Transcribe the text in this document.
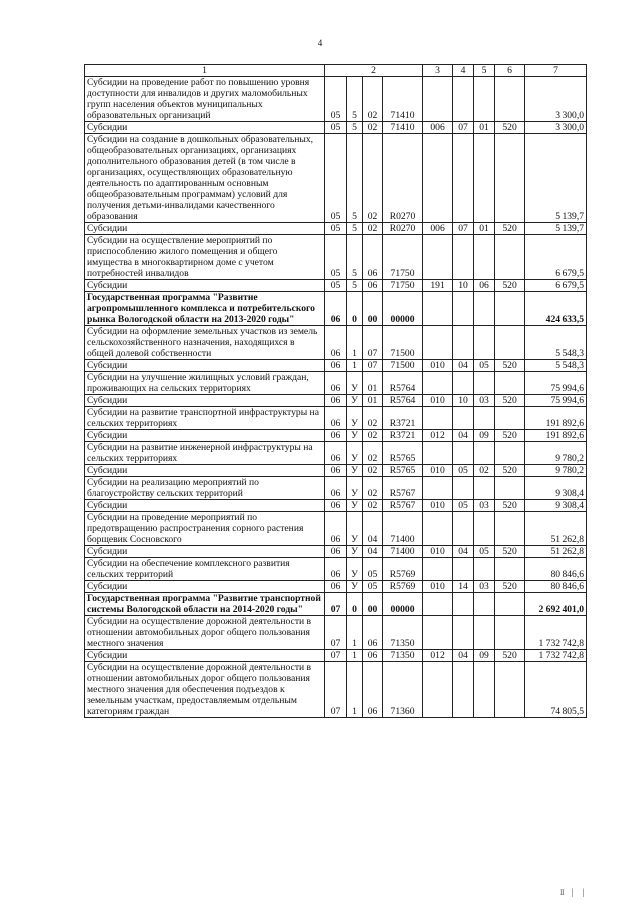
4
1	2				3	4	5	6	7
Субсидии на проведение работ по повышению уровня доступности для инвалидов и других маломобильных групп населения объектов муниципальных образовательных организаций	05	5	02	71410					3 300,0
Субсидии	05	5	02	71410	006	07	01	520	3 300,0
Субсидии на создание в дошкольных образовательных, общеобразовательных организациях, организациях дополнительного образования детей (в том числе в организациях, осуществляющих образовательную деятельность по адаптированным основным общеобразовательным программам) условий для получения детьми-инвалидами качественного образования	05	5	02	R0270					5 139,7
Субсидии	05	5	02	R0270	006	07	01	520	5 139,7
Субсидии на осуществление мероприятий по приспособлению жилого помещения и общего имущества в многоквартирном доме с учетом потребностей инвалидов	05	5	06	71750					6 679,5
Субсидии	05	5	06	71750	191	10	06	520	6 679,5
Государственная программа "Развитие агропромышленного комплекса и потребительского рынка Вологодской области на 2013-2020 годы"	06	0	00	00000					424 633,5
Субсидии на оформление земельных участков из земель сельскохозяйственного назначения, находящихся в общей долевой собственности	06	1	07	71500					5 548,3
Субсидии	06	1	07	71500	010	04	05	520	5 548,3
Субсидии на улучшение жилищных условий граждан, проживающих на сельских территориях	06	У	01	R5764					75 994,6
Субсидии	06	У	01	R5764	010	10	03	520	75 994,6
Субсидии на развитие транспортной инфраструктуры на сельских территориях	06	У	02	R3721					191 892,6
Субсидии	06	У	02	R3721	012	04	09	520	191 892,6
Субсидии на развитие инженерной инфраструктуры на сельских территориях	06	У	02	R5765					9 780,2
Субсидии	06	У	02	R5765	010	05	02	520	9 780,2
Субсидии на реализацию мероприятий по благоустройству сельских территорий	06	У	02	R5767					9 308,4
Субсидии	06	У	02	R5767	010	05	03	520	9 308,4
Субсидии на проведение мероприятий по предотвращению распространения сорного растения борщевик Сосновского	06	У	04	71400					51 262,8
Субсидии	06	У	04	71400	010	04	05	520	51 262,8
Субсидии на обеспечение комплексного развития сельских территорий	06	У	05	R5769					80 846,6
Субсидии	06	У	05	R5769	010	14	03	520	80 846,6
Государственная программа "Развитие транспортной системы Вологодской области на 2014-2020 годы"	07	0	00	00000					2 692 401,0
Субсидии на осуществление дорожной деятельности в отношении автомобильных дорог общего пользования местного значения	07	1	06	71350					1 732 742,8
Субсидии	07	1	06	71350	012	04	09	520	1 732 742,8
Субсидии на осуществление дорожной деятельности в отношении автомобильных дорог общего пользования местного значения для обеспечения подъездов к земельным участкам, предоставляемым отдельным категориям граждан	07	1	06	71360					74 805,5
Ⅱ │ │
